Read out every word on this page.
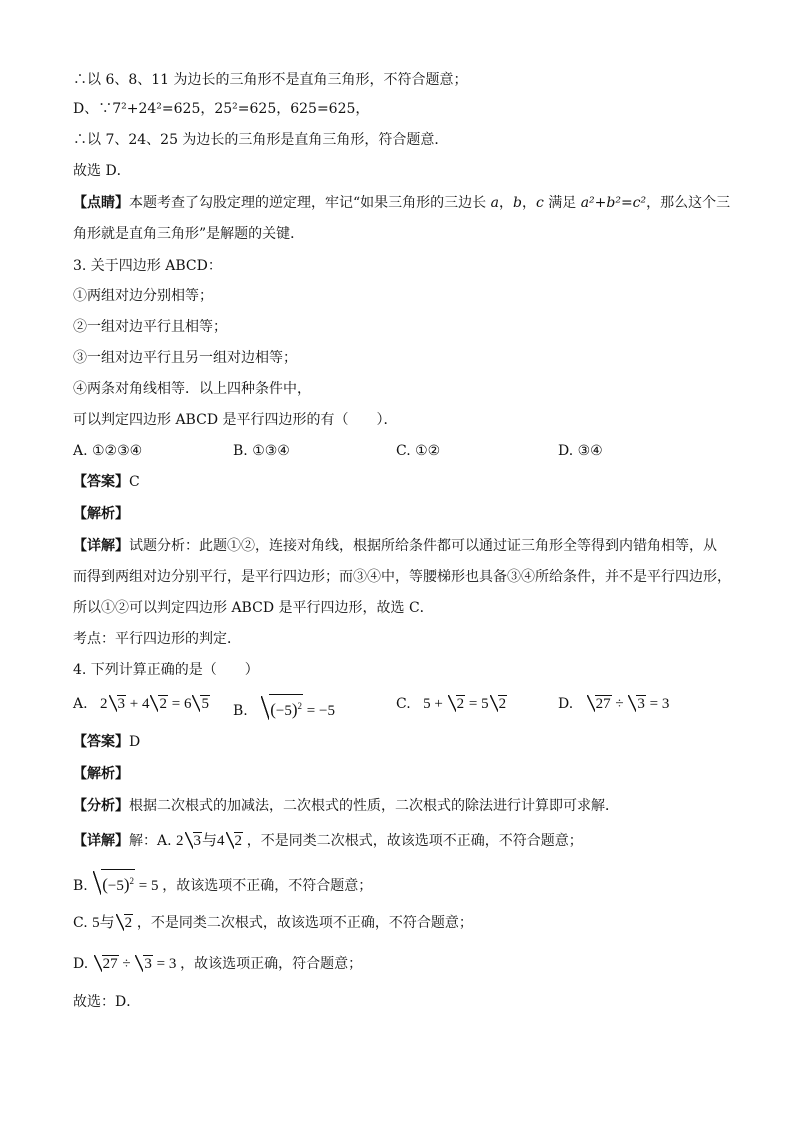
∴以 6、8、11 为边长的三角形不是直角三角形，不符合题意；
D、∵7²+24²=625，25²=625，625=625，
∴以 7、24、25 为边长的三角形是直角三角形，符合题意．
故选 D．
【点睛】本题考查了勾股定理的逆定理，牢记“如果三角形的三边长 a，b，c 满足 a²+b²=c²，那么这个三
角形就是直角三角形”是解题的关键．
3. 关于四边形 ABCD：
①两组对边分别相等；
②一组对边平行且相等；
③一组对边平行且另一组对边相等；
④两条对角线相等．以上四种条件中，
可以判定四边形 ABCD 是平行四边形的有（　　）．
A. ①②③④	B. ①③④	C. ①②	D. ③④
【答案】C
【解析】
【详解】试题分析：此题①②，连接对角线，根据所给条件都可以通过证三角形全等得到内错角相等，从
而得到两组对边分别平行，是平行四边形；而③④中，等腰梯形也具备③④所给条件，并不是平行四边形，
所以①②可以判定四边形 ABCD 是平行四边形，故选 C．
考点：平行四边形的判定．
4. 下列计算正确的是（　　）
A. 2 3 + 4 2 = 6 5 B. $(-5)^2 = -5$	C. 5 + 2 = 5 2	D. 27 ÷ 3 = 3
【答案】D
【解析】
【分析】根据二次根式的加减法，二次根式的性质，二次根式的除法进行计算即可求解．
【详解】解：A. 2 3与4 2 ，不是同类二次根式，故该选项不正确，不符合题意；
B. $(-5)^2 = 5$ ，故该选项不正确，不符合题意；
C. 5与 2 ，不是同类二次根式，故该选项不正确，不符合题意；
D. 27 ÷ 3 = 3 ，故该选项正确，符合题意；
故选：D．
